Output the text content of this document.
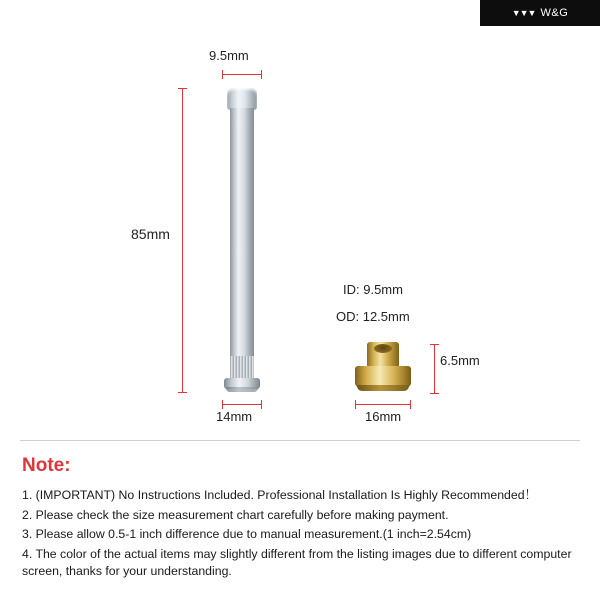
▼▼▼ W&G
9.5mm
85mm
14mm
ID: 9.5mm
OD: 12.5mm
6.5mm
16mm

Note:

1. (IMPORTANT) No Instructions Included. Professional Installation Is Highly Recommended！

2. Please check the size measurement chart carefully before making payment.

3. Please allow 0.5-1 inch difference due to manual measurement.(1 inch=2.54cm)

4. The color of the actual items may slightly different from the listing images due to different computer screen, thanks for your understanding.
